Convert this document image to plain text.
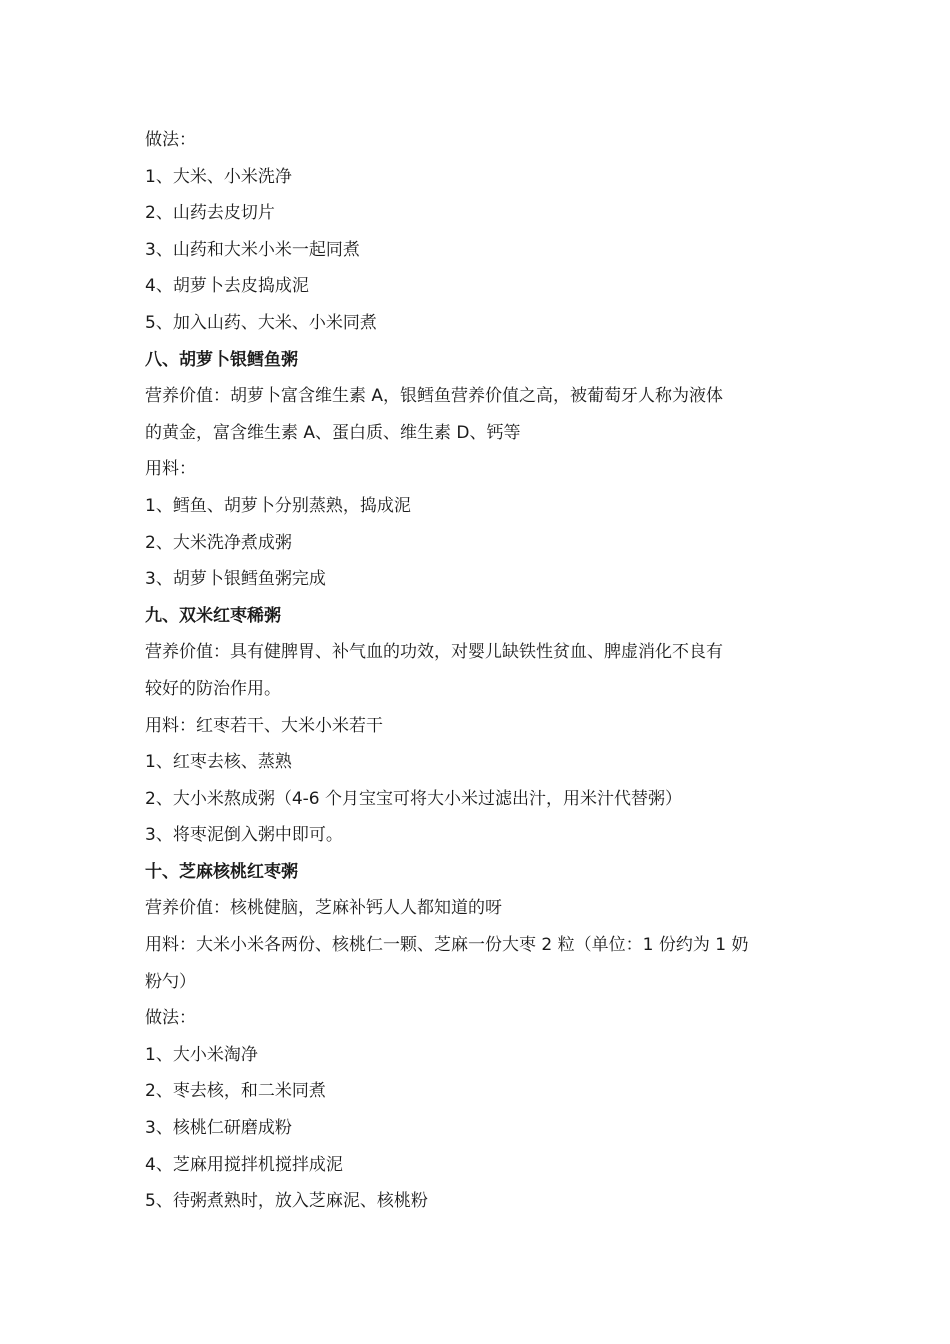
做法：

1、大米、小米洗净

2、山药去皮切片

3、山药和大米小米一起同煮

4、胡萝卜去皮捣成泥

5、加入山药、大米、小米同煮

八、胡萝卜银鳕鱼粥

营养价值：胡萝卜富含维生素 A，银鳕鱼营养价值之高，被葡萄牙人称为液体

的黄金，富含维生素 A、蛋白质、维生素 D、钙等

用料：

1、鳕鱼、胡萝卜分别蒸熟，捣成泥

2、大米洗净煮成粥

3、胡萝卜银鳕鱼粥完成

九、双米红枣稀粥

营养价值：具有健脾胃、补气血的功效，对婴儿缺铁性贫血、脾虚消化不良有

较好的防治作用。

用料：红枣若干、大米小米若干

1、红枣去核、蒸熟

2、大小米熬成粥（4-6 个月宝宝可将大小米过滤出汁，用米汁代替粥）

3、将枣泥倒入粥中即可。

十、芝麻核桃红枣粥

营养价值：核桃健脑，芝麻补钙人人都知道的呀

用料：大米小米各两份、核桃仁一颗、芝麻一份大枣 2 粒（单位：1 份约为 1 奶

粉勺）

做法：

1、大小米淘净

2、枣去核，和二米同煮

3、核桃仁研磨成粉

4、芝麻用搅拌机搅拌成泥

5、待粥煮熟时，放入芝麻泥、核桃粉
